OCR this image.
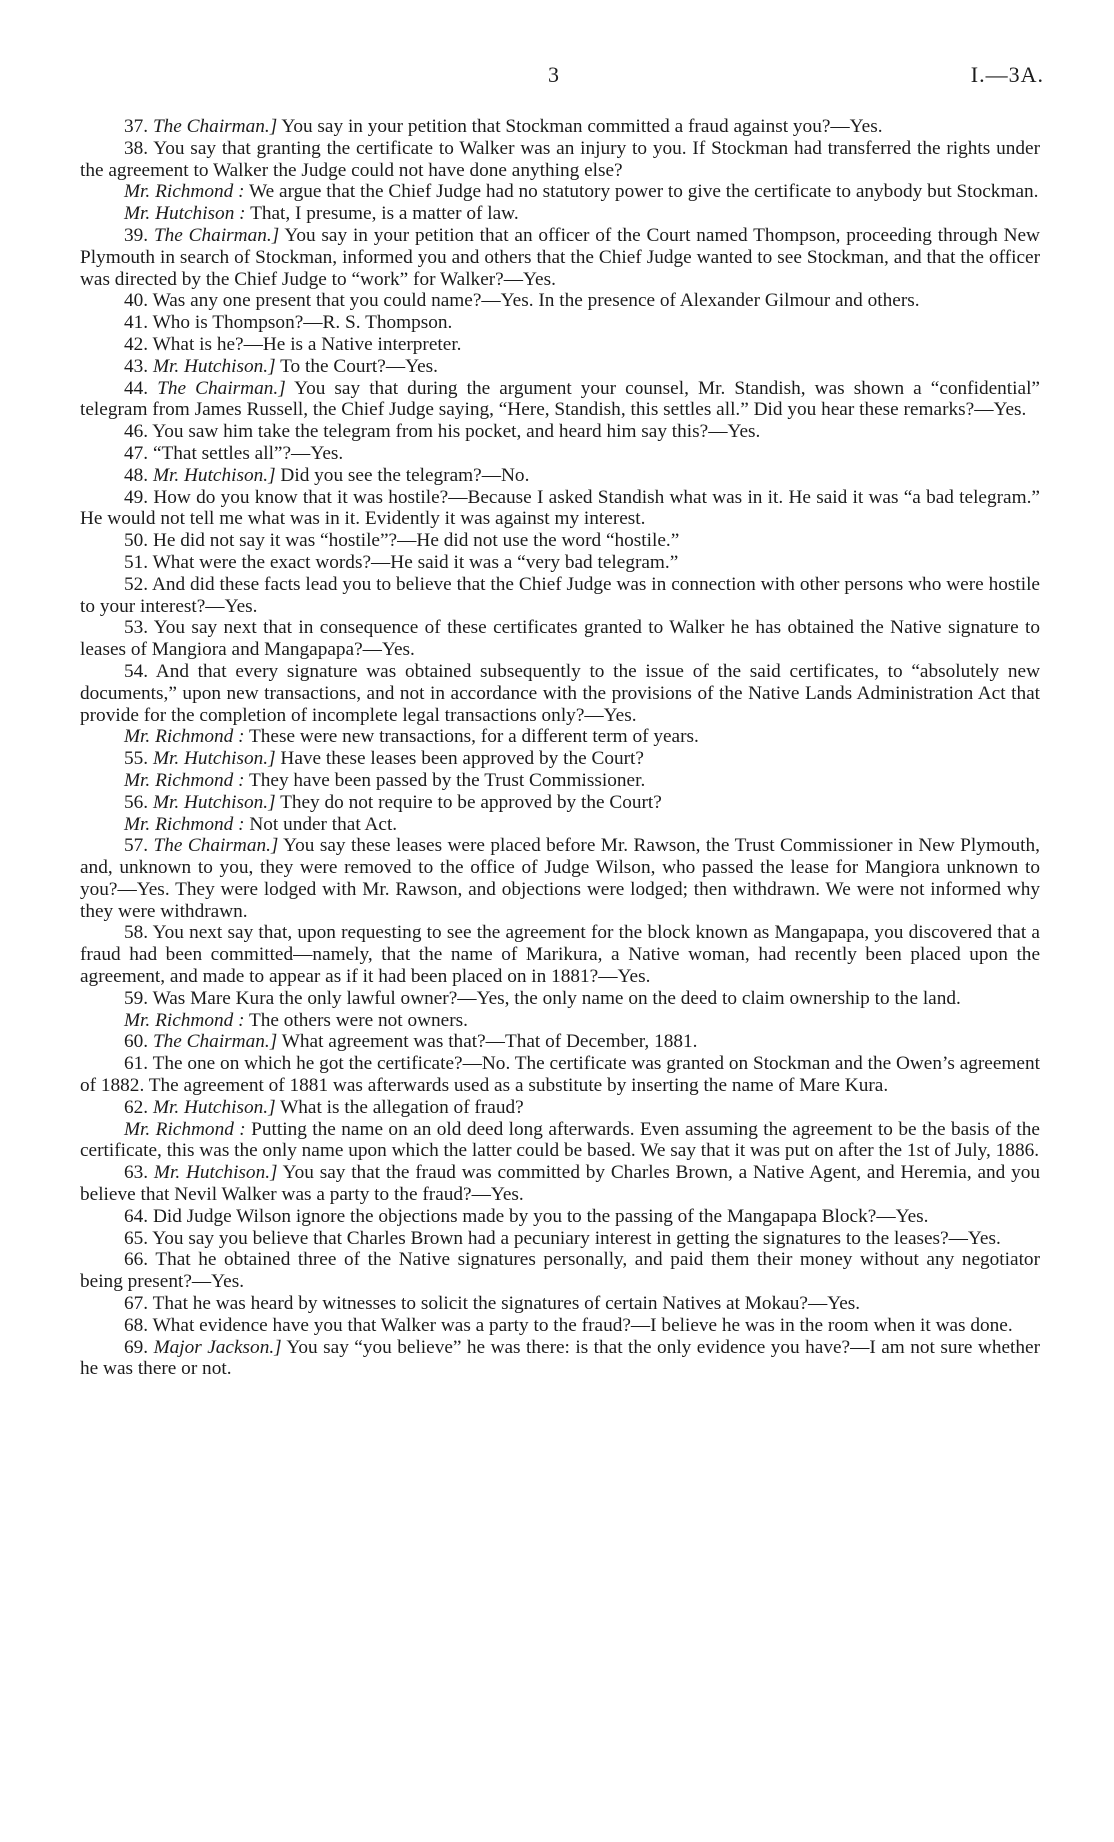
3	I.—3A.

37. The Chairman.] You say in your petition that Stockman committed a fraud against you?—Yes.

38. You say that granting the certificate to Walker was an injury to you. If Stockman had transferred the rights under the agreement to Walker the Judge could not have done anything else?

Mr. Richmond : We argue that the Chief Judge had no statutory power to give the certificate to anybody but Stockman.

Mr. Hutchison : That, I presume, is a matter of law.

39. The Chairman.] You say in your petition that an officer of the Court named Thompson, proceeding through New Plymouth in search of Stockman, informed you and others that the Chief Judge wanted to see Stockman, and that the officer was directed by the Chief Judge to “work” for Walker?—Yes.

40. Was any one present that you could name?—Yes. In the presence of Alexander Gilmour and others.

41. Who is Thompson?—R. S. Thompson.

42. What is he?—He is a Native interpreter.

43. Mr. Hutchison.] To the Court?—Yes.

44. The Chairman.] You say that during the argument your counsel, Mr. Standish, was shown a “confidential” telegram from James Russell, the Chief Judge saying, “Here, Standish, this settles all.” Did you hear these remarks?—Yes.

46. You saw him take the telegram from his pocket, and heard him say this?—Yes.

47. “That settles all”?—Yes.

48. Mr. Hutchison.] Did you see the telegram?—No.

49. How do you know that it was hostile?—Because I asked Standish what was in it. He said it was “a bad telegram.” He would not tell me what was in it. Evidently it was against my interest.

50. He did not say it was “hostile”?—He did not use the word “hostile.”

51. What were the exact words?—He said it was a “very bad telegram.”

52. And did these facts lead you to believe that the Chief Judge was in connection with other persons who were hostile to your interest?—Yes.

53. You say next that in consequence of these certificates granted to Walker he has obtained the Native signature to leases of Mangiora and Mangapapa?—Yes.

54. And that every signature was obtained subsequently to the issue of the said certificates, to “absolutely new documents,” upon new transactions, and not in accordance with the provisions of the Native Lands Administration Act that provide for the completion of incomplete legal transactions only?—Yes.

Mr. Richmond : These were new transactions, for a different term of years.

55. Mr. Hutchison.] Have these leases been approved by the Court?

Mr. Richmond : They have been passed by the Trust Commissioner.

56. Mr. Hutchison.] They do not require to be approved by the Court?

Mr. Richmond : Not under that Act.

57. The Chairman.] You say these leases were placed before Mr. Rawson, the Trust Commissioner in New Plymouth, and, unknown to you, they were removed to the office of Judge Wilson, who passed the lease for Mangiora unknown to you?—Yes. They were lodged with Mr. Rawson, and objections were lodged; then withdrawn. We were not informed why they were withdrawn.

58. You next say that, upon requesting to see the agreement for the block known as Mangapapa, you discovered that a fraud had been committed—namely, that the name of Marikura, a Native woman, had recently been placed upon the agreement, and made to appear as if it had been placed on in 1881?—Yes.

59. Was Mare Kura the only lawful owner?—Yes, the only name on the deed to claim ownership to the land.

Mr. Richmond : The others were not owners.

60. The Chairman.] What agreement was that?—That of December, 1881.

61. The one on which he got the certificate?—No. The certificate was granted on Stockman and the Owen’s agreement of 1882. The agreement of 1881 was afterwards used as a substitute by inserting the name of Mare Kura.

62. Mr. Hutchison.] What is the allegation of fraud?

Mr. Richmond : Putting the name on an old deed long afterwards. Even assuming the agreement to be the basis of the certificate, this was the only name upon which the latter could be based. We say that it was put on after the 1st of July, 1886.

63. Mr. Hutchison.] You say that the fraud was committed by Charles Brown, a Native Agent, and Heremia, and you believe that Nevil Walker was a party to the fraud?—Yes.

64. Did Judge Wilson ignore the objections made by you to the passing of the Mangapapa Block?—Yes.

65. You say you believe that Charles Brown had a pecuniary interest in getting the signatures to the leases?—Yes.

66. That he obtained three of the Native signatures personally, and paid them their money without any negotiator being present?—Yes.

67. That he was heard by witnesses to solicit the signatures of certain Natives at Mokau?—Yes.

68. What evidence have you that Walker was a party to the fraud?—I believe he was in the room when it was done.

69. Major Jackson.] You say “you believe” he was there: is that the only evidence you have?—I am not sure whether he was there or not.
